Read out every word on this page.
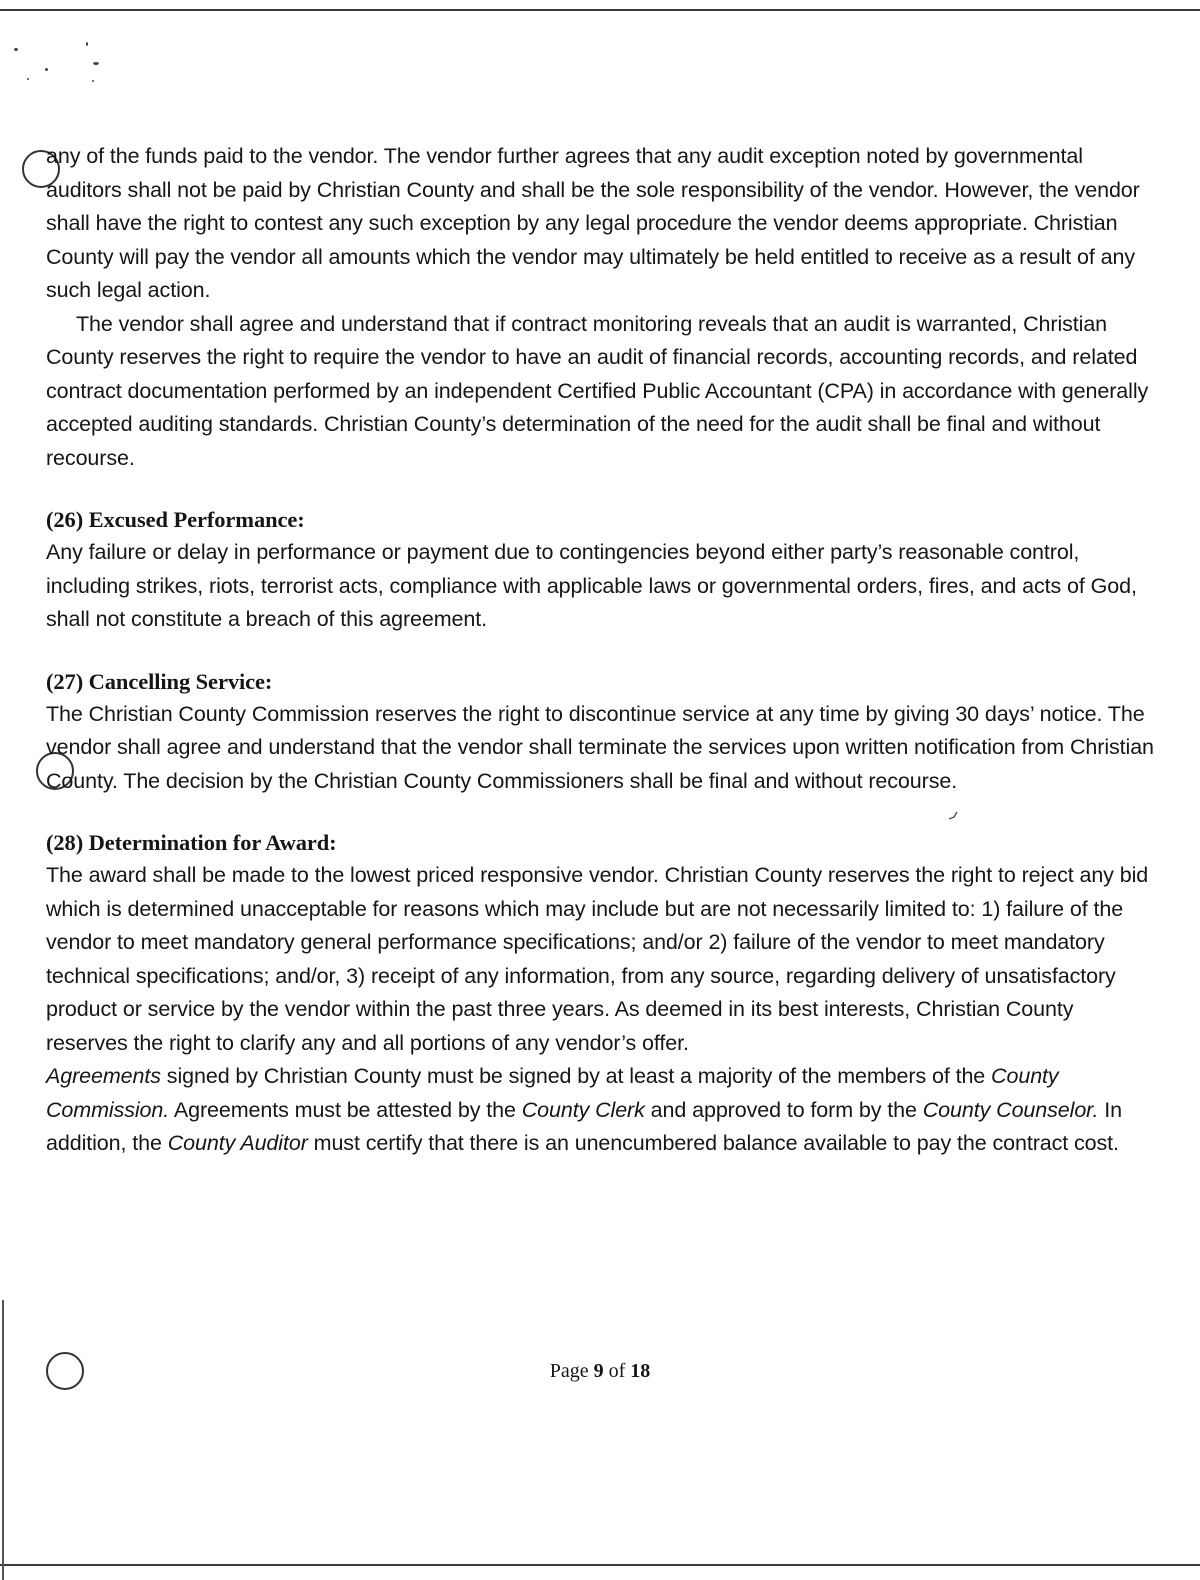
any of the funds paid to the vendor. The vendor further agrees that any audit exception noted by governmental auditors shall not be paid by Christian County and shall be the sole responsibility of the vendor. However, the vendor shall have the right to contest any such exception by any legal procedure the vendor deems appropriate. Christian County will pay the vendor all amounts which the vendor may ultimately be held entitled to receive as a result of any such legal action.

The vendor shall agree and understand that if contract monitoring reveals that an audit is warranted, Christian County reserves the right to require the vendor to have an audit of financial records, accounting records, and related contract documentation performed by an independent Certified Public Accountant (CPA) in accordance with generally accepted auditing standards. Christian County’s determination of the need for the audit shall be final and without recourse.

(26) Excused Performance:

Any failure or delay in performance or payment due to contingencies beyond either party’s reasonable control, including strikes, riots, terrorist acts, compliance with applicable laws or governmental orders, fires, and acts of God, shall not constitute a breach of this agreement.

(27) Cancelling Service:

The Christian County Commission reserves the right to discontinue service at any time by giving 30 days’ notice. The vendor shall agree and understand that the vendor shall terminate the services upon written notification from Christian County. The decision by the Christian County Commissioners shall be final and without recourse.

(28) Determination for Award:

The award shall be made to the lowest priced responsive vendor. Christian County reserves the right to reject any bid which is determined unacceptable for reasons which may include but are not necessarily limited to: 1) failure of the vendor to meet mandatory general performance specifications; and/or 2) failure of the vendor to meet mandatory technical specifications; and/or, 3) receipt of any information, from any source, regarding delivery of unsatisfactory product or service by the vendor within the past three years. As deemed in its best interests, Christian County reserves the right to clarify any and all portions of any vendor’s offer.

Agreements signed by Christian County must be signed by at least a majority of the members of the County Commission. Agreements must be attested by the County Clerk and approved to form by the County Counselor. In addition, the County Auditor must certify that there is an unencumbered balance available to pay the contract cost.

Page 9 of 18
